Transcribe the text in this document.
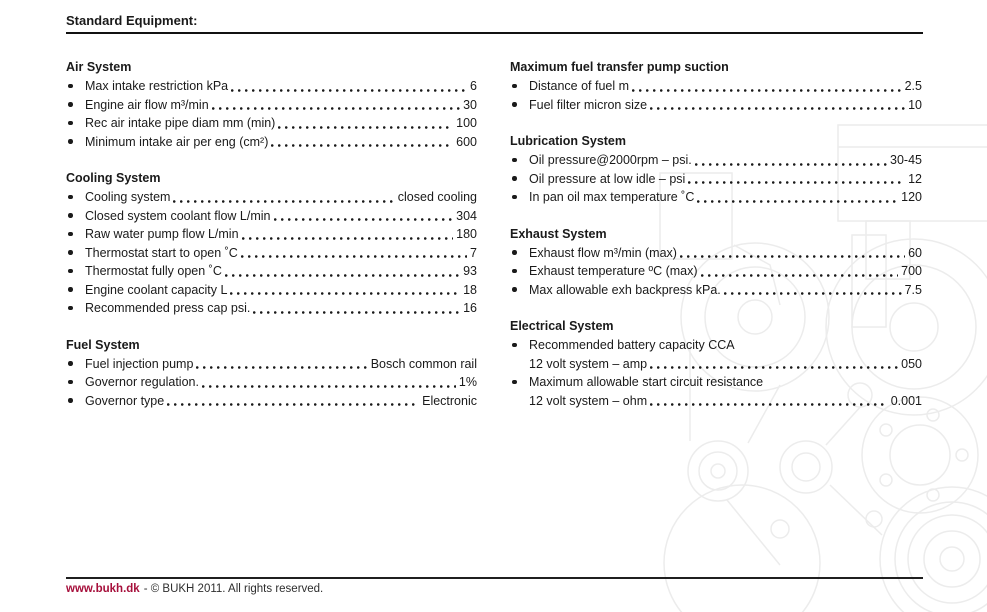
Standard Equipment:
Air System
Max intake restriction kPa	6
Engine air flow m³/min	30
Rec air intake pipe diam mm (min)	100
Minimum intake air per eng (cm²)	600
Cooling System
Cooling system	closed cooling
Closed system coolant flow L/min	304
Raw water pump flow L/min	180
Thermostat start to open ˚C	7
Thermostat fully open ˚C	93
Engine coolant capacity L	18
Recommended press cap psi.	16
Fuel System
Fuel injection pump	Bosch common rail
Governor regulation.	1%
Governor type	Electronic
Maximum fuel transfer pump suction
Distance of fuel m	2.5
Fuel filter micron size	10
Lubrication System
Oil pressure@2000rpm – psi.	30-45
Oil pressure at low idle – psi	12
In pan oil max temperature ˚C	120
Exhaust System
Exhaust flow m³/min (max)	60
Exhaust temperature ºC (max)	700
Max allowable exh backpress kPa.	7.5
Electrical System
Recommended battery capacity CCA
12 volt system – amp	050
Maximum allowable start circuit resistance
12 volt system – ohm	0.001
www.bukh.dk - © BUKH 2011. All rights reserved.
